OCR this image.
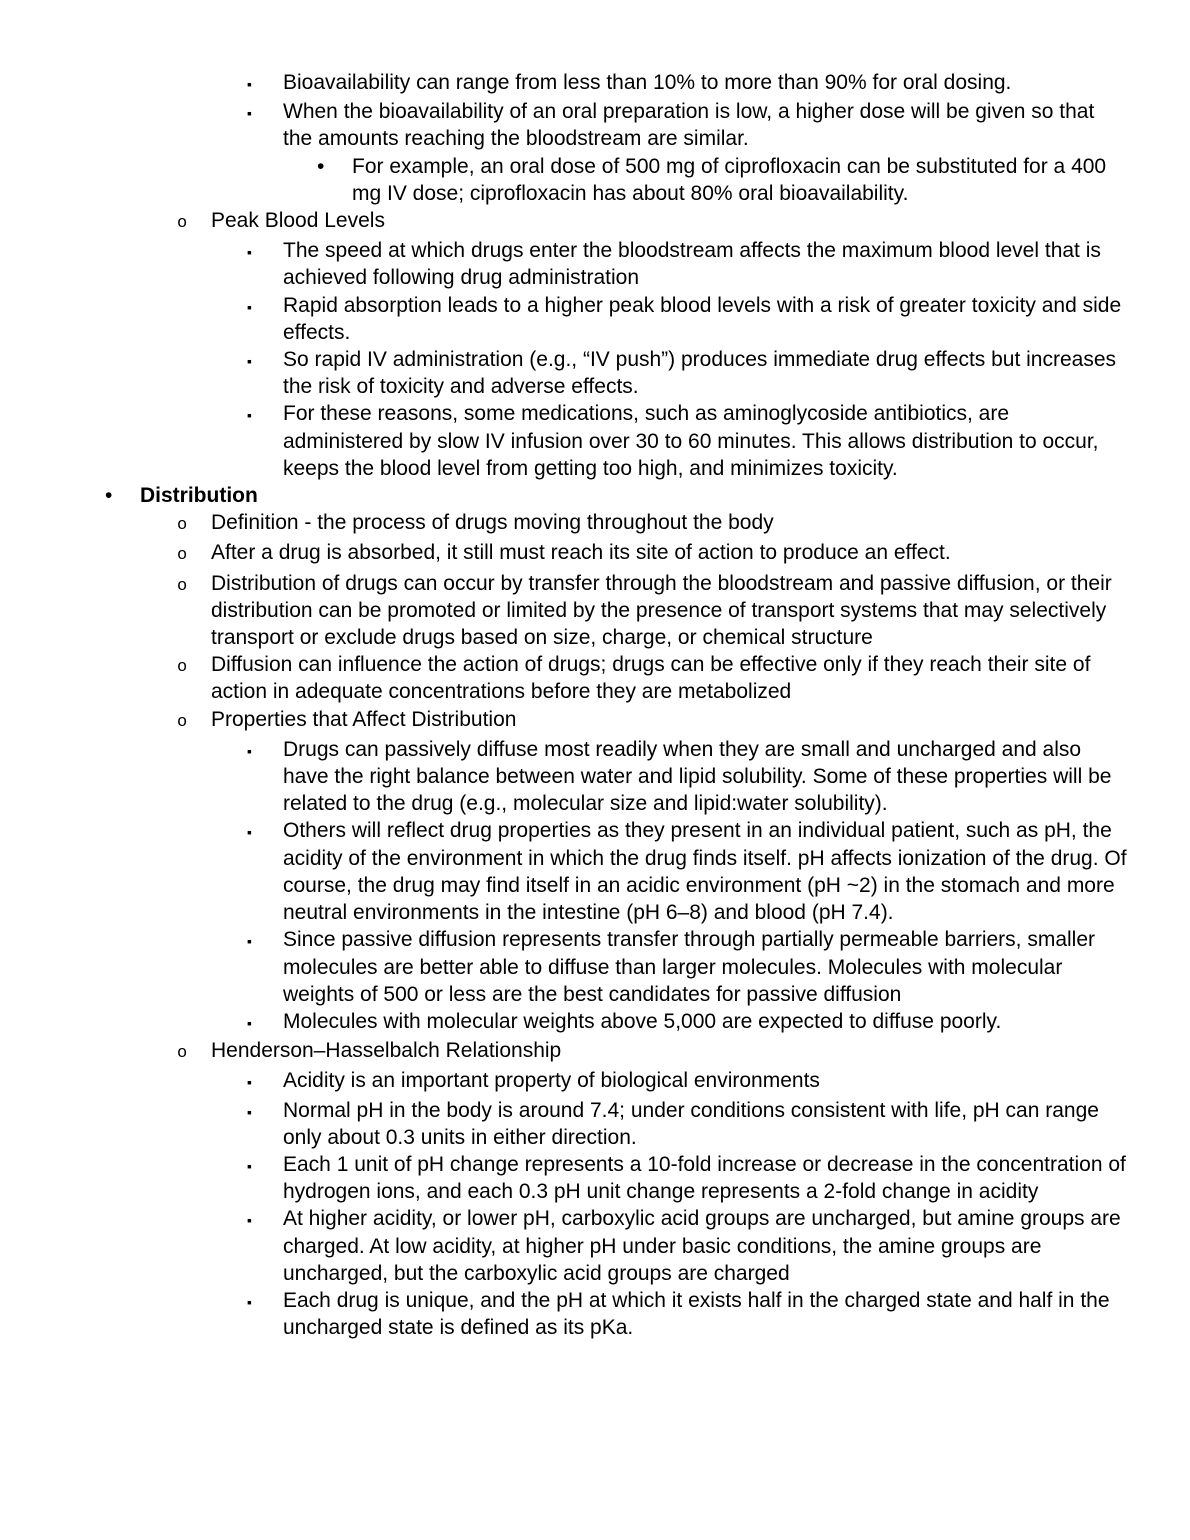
▪	Bioavailability can range from less than 10% to more than 90% for oral dosing.
▪	When the bioavailability of an oral preparation is low, a higher dose will be given so that the amounts reaching the bloodstream are similar.
•	For example, an oral dose of 500 mg of ciprofloxacin can be substituted for a 400 mg IV dose; ciprofloxacin has about 80% oral bioavailability.
o	Peak Blood Levels
▪	The speed at which drugs enter the bloodstream affects the maximum blood level that is achieved following drug administration
▪	Rapid absorption leads to a higher peak blood levels with a risk of greater toxicity and side effects.
▪	So rapid IV administration (e.g., “IV push”) produces immediate drug effects but increases the risk of toxicity and adverse effects.
▪	For these reasons, some medications, such as aminoglycoside antibiotics, are administered by slow IV infusion over 30 to 60 minutes. This allows distribution to occur, keeps the blood level from getting too high, and minimizes toxicity.
•	Distribution
o	Definition - the process of drugs moving throughout the body
o	After a drug is absorbed, it still must reach its site of action to produce an effect.
o	Distribution of drugs can occur by transfer through the bloodstream and passive diffusion, or their distribution can be promoted or limited by the presence of transport systems that may selectively transport or exclude drugs based on size, charge, or chemical structure
o	Diffusion can influence the action of drugs; drugs can be effective only if they reach their site of action in adequate concentrations before they are metabolized
o	Properties that Affect Distribution
▪	Drugs can passively diffuse most readily when they are small and uncharged and also have the right balance between water and lipid solubility. Some of these properties will be related to the drug (e.g., molecular size and lipid:water solubility).
▪	Others will reflect drug properties as they present in an individual patient, such as pH, the acidity of the environment in which the drug finds itself. pH affects ionization of the drug. Of course, the drug may find itself in an acidic environment (pH ~2) in the stomach and more neutral environments in the intestine (pH 6–8) and blood (pH 7.4).
▪	Since passive diffusion represents transfer through partially permeable barriers, smaller molecules are better able to diffuse than larger molecules. Molecules with molecular weights of 500 or less are the best candidates for passive diffusion
▪	Molecules with molecular weights above 5,000 are expected to diffuse poorly.
o	Henderson–Hasselbalch Relationship
▪	Acidity is an important property of biological environments
▪	Normal pH in the body is around 7.4; under conditions consistent with life, pH can range only about 0.3 units in either direction.
▪	Each 1 unit of pH change represents a 10-fold increase or decrease in the concentration of hydrogen ions, and each 0.3 pH unit change represents a 2-fold change in acidity
▪	At higher acidity, or lower pH, carboxylic acid groups are uncharged, but amine groups are charged. At low acidity, at higher pH under basic conditions, the amine groups are uncharged, but the carboxylic acid groups are charged
▪	Each drug is unique, and the pH at which it exists half in the charged state and half in the uncharged state is defined as its pKa.
